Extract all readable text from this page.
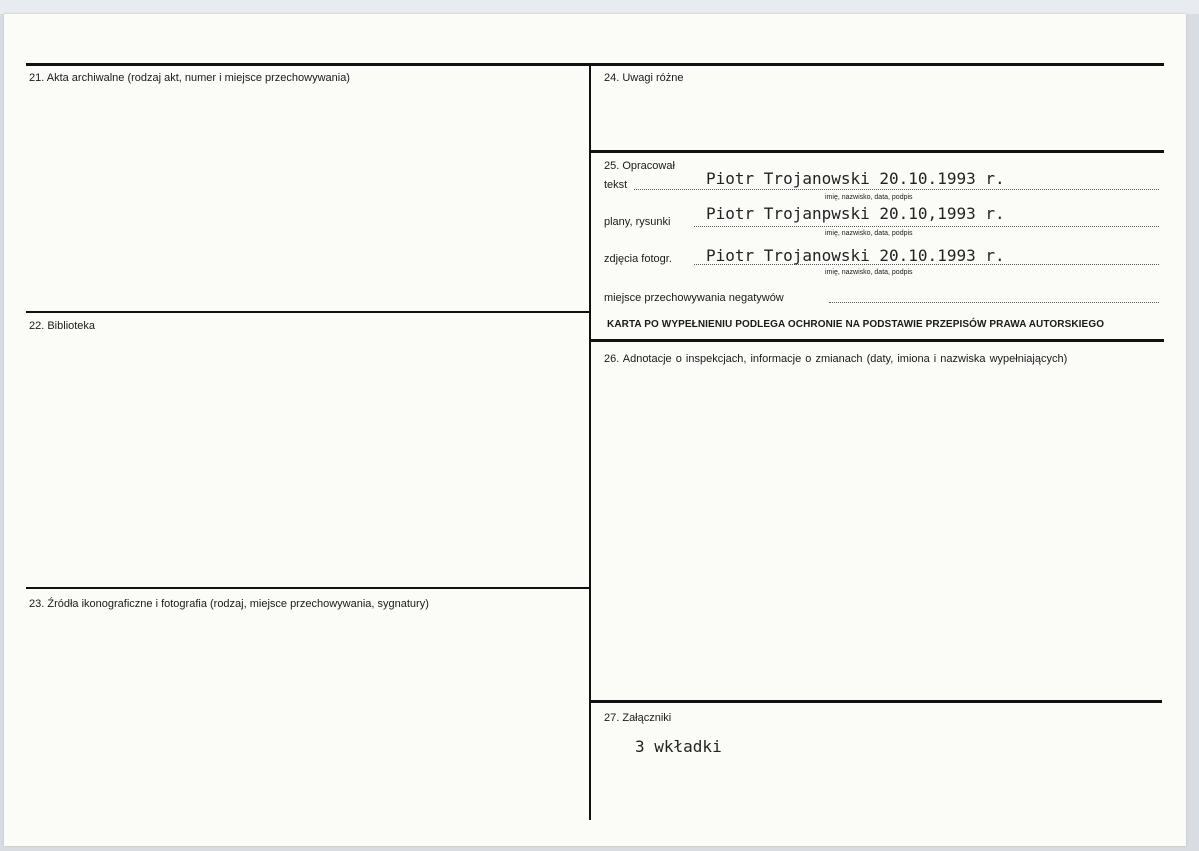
21. Akta archiwalne (rodzaj akt, numer i miejsce przechowywania)
22. Biblioteka
23. Źródła ikonograficzne i fotografia (rodzaj, miejsce przechowywania, sygnatury)
24. Uwagi różne
25. Opracował
tekst	Piotr Trojanowski 20.10.1993 r.
imię, nazwisko, data, podpis
plany, rysunki Piotr Trojanpwski 20.10,1993 r.
imię, nazwisko, data, podpis
zdjęcia fotogr. Piotr Trojanowski 20.10.1993 r.
imię, nazwisko, data, podpis
miejsce przechowywania negatywów
KARTA PO WYPEŁNIENIU PODLEGA OCHRONIE NA PODSTAWIE PRZEPISÓW PRAWA AUTORSKIEGO
26. Adnotacje o inspekcjach, informacje o zmianach (daty, imiona i nazwiska wypełniających)
27. Załączniki
3 wkładki
